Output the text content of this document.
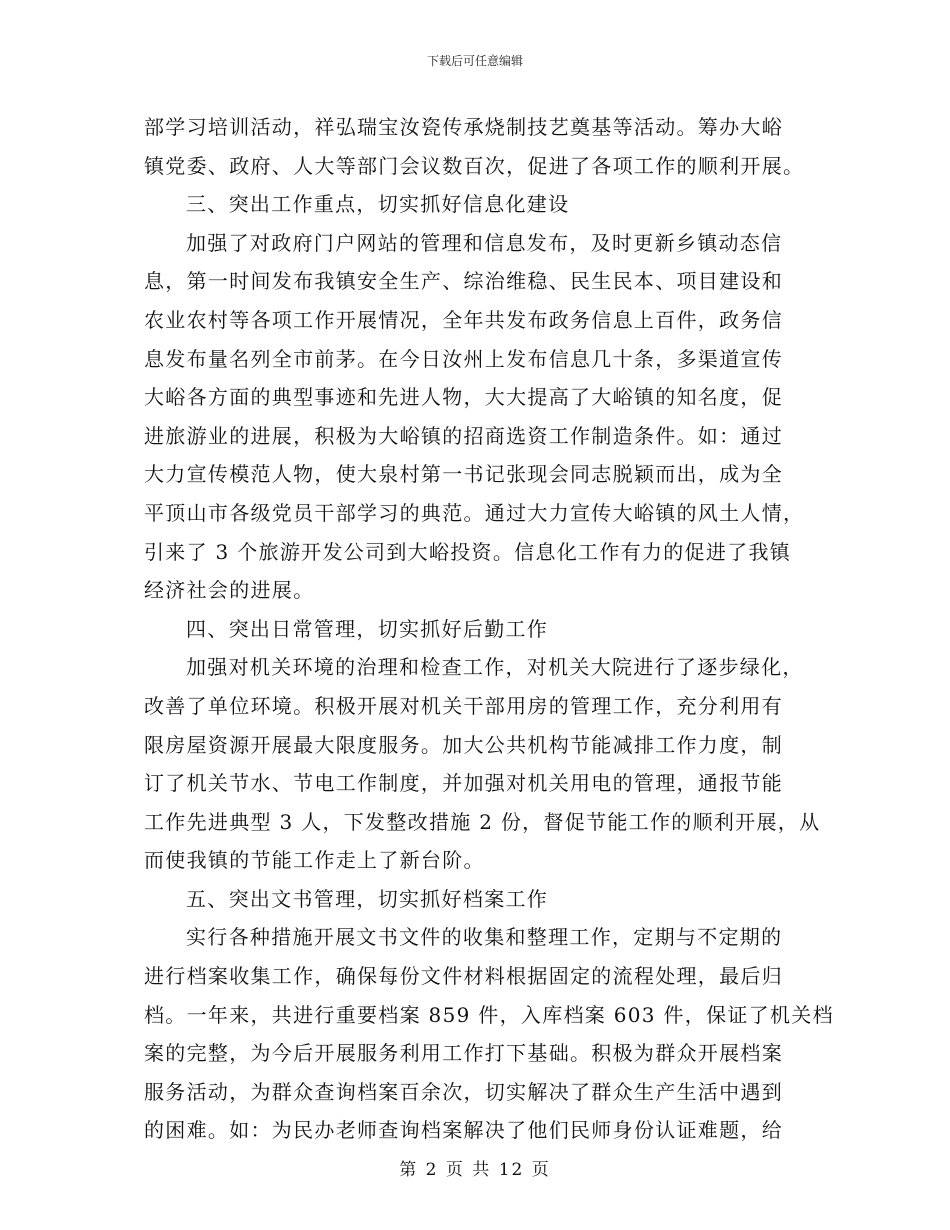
下载后可任意编辑
部学习培训活动，祥弘瑞宝汝瓷传承烧制技艺奠基等活动。筹办大峪
镇党委、政府、人大等部门会议数百次，促进了各项工作的顺利开展。
三、突出工作重点，切实抓好信息化建设
加强了对政府门户网站的管理和信息发布，及时更新乡镇动态信
息，第一时间发布我镇安全生产、综治维稳、民生民本、项目建设和
农业农村等各项工作开展情况，全年共发布政务信息上百件，政务信
息发布量名列全市前茅。在今日汝州上发布信息几十条，多渠道宣传
大峪各方面的典型事迹和先进人物，大大提高了大峪镇的知名度，促
进旅游业的进展，积极为大峪镇的招商选资工作制造条件。如：通过
大力宣传模范人物，使大泉村第一书记张现会同志脱颖而出，成为全
平顶山市各级党员干部学习的典范。通过大力宣传大峪镇的风土人情，
引来了 3 个旅游开发公司到大峪投资。信息化工作有力的促进了我镇
经济社会的进展。
四、突出日常管理，切实抓好后勤工作
加强对机关环境的治理和检查工作，对机关大院进行了逐步绿化，
改善了单位环境。积极开展对机关干部用房的管理工作，充分利用有
限房屋资源开展最大限度服务。加大公共机构节能减排工作力度，制
订了机关节水、节电工作制度，并加强对机关用电的管理，通报节能
工作先进典型 3 人，下发整改措施 2 份，督促节能工作的顺利开展，从
而使我镇的节能工作走上了新台阶。
五、突出文书管理，切实抓好档案工作
实行各种措施开展文书文件的收集和整理工作，定期与不定期的
进行档案收集工作，确保每份文件材料根据固定的流程处理，最后归
档。一年来，共进行重要档案 859 件，入库档案 603 件，保证了机关档
案的完整，为今后开展服务利用工作打下基础。积极为群众开展档案
服务活动，为群众查询档案百余次，切实解决了群众生产生活中遇到
的困难。如：为民办老师查询档案解决了他们民师身份认证难题，给
第 2 页 共 12 页
